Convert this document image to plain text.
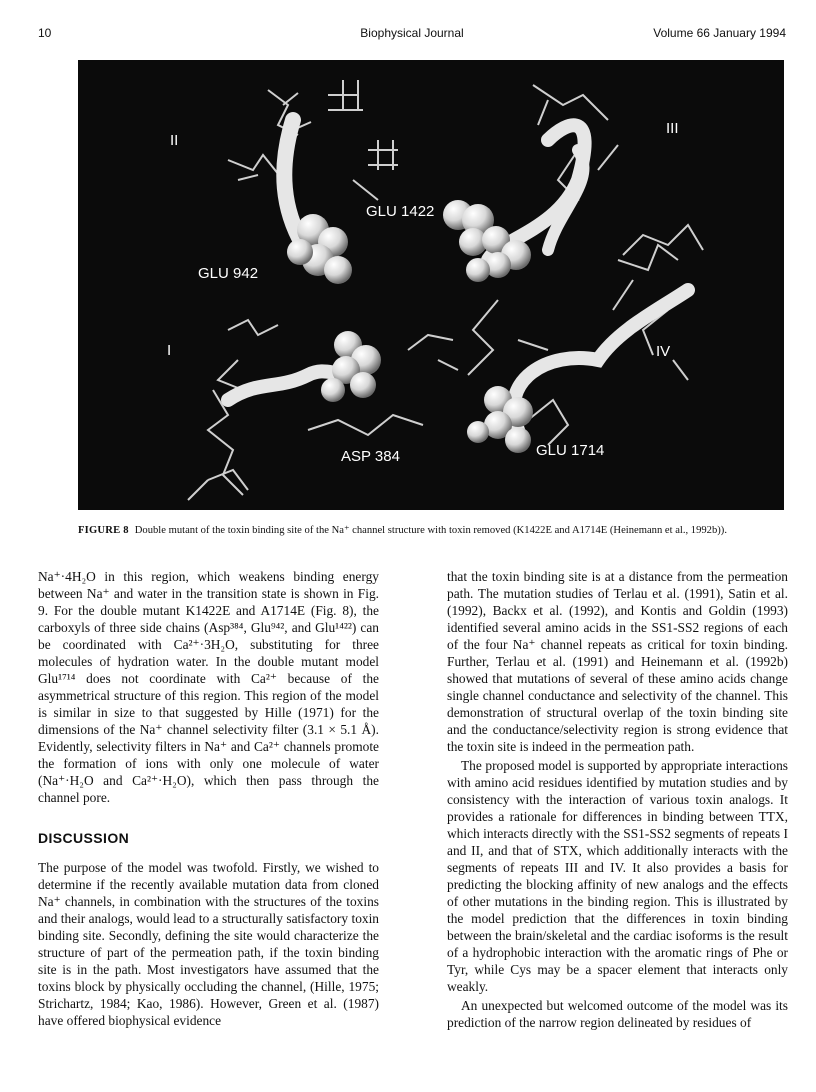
10	Biophysical Journal	Volume 66 January 1994
II
III
I	IV
GLU 942
GLU 1422
ASP 384	GLU 1714
FIGURE 8 Double mutant of the toxin binding site of the Na⁺ channel structure with toxin removed (K1422E and A1714E (Heinemann et al., 1992b)).

Na⁺·4H₂O in this region, which weakens binding energy between Na⁺ and water in the transition state is shown in Fig. 9. For the double mutant K1422E and A1714E (Fig. 8), the carboxyls of three side chains (Asp³⁸⁴, Glu⁹⁴², and Glu¹⁴²²) can be coordinated with Ca²⁺·3H₂O, substituting for three molecules of hydration water. In the double mutant model Glu¹⁷¹⁴ does not coordinate with Ca²⁺ because of the asymmetrical structure of this region. This region of the model is similar in size to that suggested by Hille (1971) for the dimensions of the Na⁺ channel selectivity filter (3.1 × 5.1 Å). Evidently, selectivity filters in Na⁺ and Ca²⁺ channels promote the formation of ions with only one molecule of water (Na⁺·H₂O and Ca²⁺·H₂O), which then pass through the channel pore.

DISCUSSION

The purpose of the model was twofold. Firstly, we wished to determine if the recently available mutation data from cloned Na⁺ channels, in combination with the structures of the toxins and their analogs, would lead to a structurally satisfactory toxin binding site. Secondly, defining the site would characterize the structure of part of the permeation path, if the toxin binding site is in the path. Most investigators have assumed that the toxins block by physically occluding the channel, (Hille, 1975; Strichartz, 1984; Kao, 1986). However, Green et al. (1987) have offered biophysical evidence

that the toxin binding site is at a distance from the permeation path. The mutation studies of Terlau et al. (1991), Satin et al. (1992), Backx et al. (1992), and Kontis and Goldin (1993) identified several amino acids in the SS1-SS2 regions of each of the four Na⁺ channel repeats as critical for toxin binding. Further, Terlau et al. (1991) and Heinemann et al. (1992b) showed that mutations of several of these amino acids change single channel conductance and selectivity of the channel. This demonstration of structural overlap of the toxin binding site and the conductance/selectivity region is strong evidence that the toxin site is indeed in the permeation path.

The proposed model is supported by appropriate interactions with amino acid residues identified by mutation studies and by consistency with the interaction of various toxin analogs. It provides a rationale for differences in binding between TTX, which interacts directly with the SS1-SS2 segments of repeats I and II, and that of STX, which additionally interacts with the segments of repeats III and IV. It also provides a basis for predicting the blocking affinity of new analogs and the effects of other mutations in the binding region. This is illustrated by the model prediction that the differences in toxin binding between the brain/skeletal and the cardiac isoforms is the result of a hydrophobic interaction with the aromatic rings of Phe or Tyr, while Cys may be a spacer element that interacts only weakly.

An unexpected but welcomed outcome of the model was its prediction of the narrow region delineated by residues of
